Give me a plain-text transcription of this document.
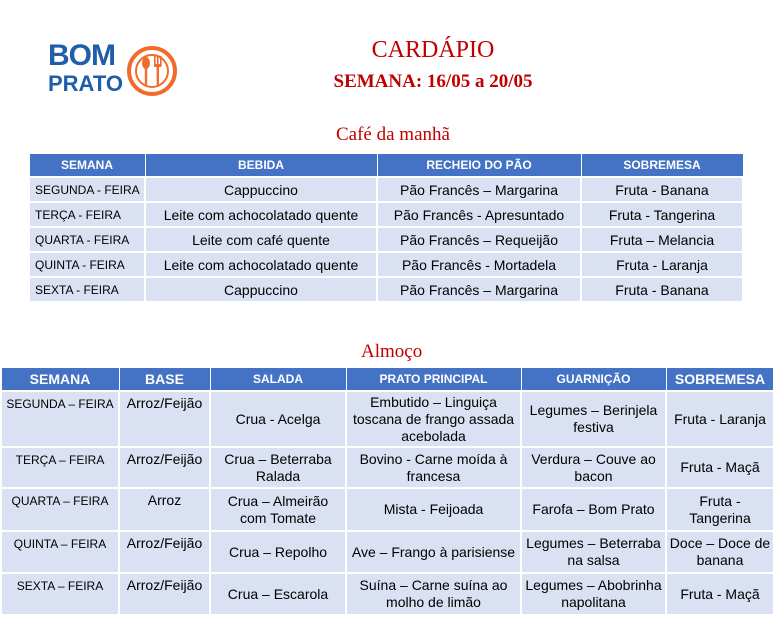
BOM
PRATO
CARDÁPIO
SEMANA: 16/05 a 20/05
Café da manhã
SEMANA	BEBIDA	RECHEIO DO PÃO	SOBREMESA
SEGUNDA - FEIRA	Cappuccino	Pão Francês – Margarina	Fruta - Banana
TERÇA - FEIRA	Leite com achocolatado quente	Pão Francês - Apresuntado	Fruta - Tangerina
QUARTA - FEIRA	Leite com café quente	Pão Francês – Requeijão	Fruta – Melancia
QUINTA - FEIRA	Leite com achocolatado quente	Pão Francês - Mortadela	Fruta - Laranja
SEXTA - FEIRA	Cappuccino	Pão Francês – Margarina	Fruta - Banana
Almoço
SEMANA	BASE	SALADA	PRATO PRINCIPAL	GUARNIÇÃO	SOBREMESA
SEGUNDA – FEIRA	Arroz/Feijão	Crua - Acelga	Embutido – Linguiça toscana de frango assada acebolada	Legumes – Berinjela festiva	Fruta - Laranja
TERÇA – FEIRA	Arroz/Feijão	Crua – Beterraba Ralada	Bovino - Carne moída à francesa	Verdura – Couve ao bacon	Fruta - Maçã
QUARTA – FEIRA	Arroz	Crua – Almeirão com Tomate	Mista - Feijoada	Farofa – Bom Prato	Fruta - Tangerina
QUINTA – FEIRA	Arroz/Feijão	Crua – Repolho	Ave – Frango à parisiense	Legumes – Beterraba na salsa	Doce – Doce de banana
SEXTA – FEIRA	Arroz/Feijão	Crua – Escarola	Suína – Carne suína ao molho de limão	Legumes – Abobrinha napolitana	Fruta - Maçã
